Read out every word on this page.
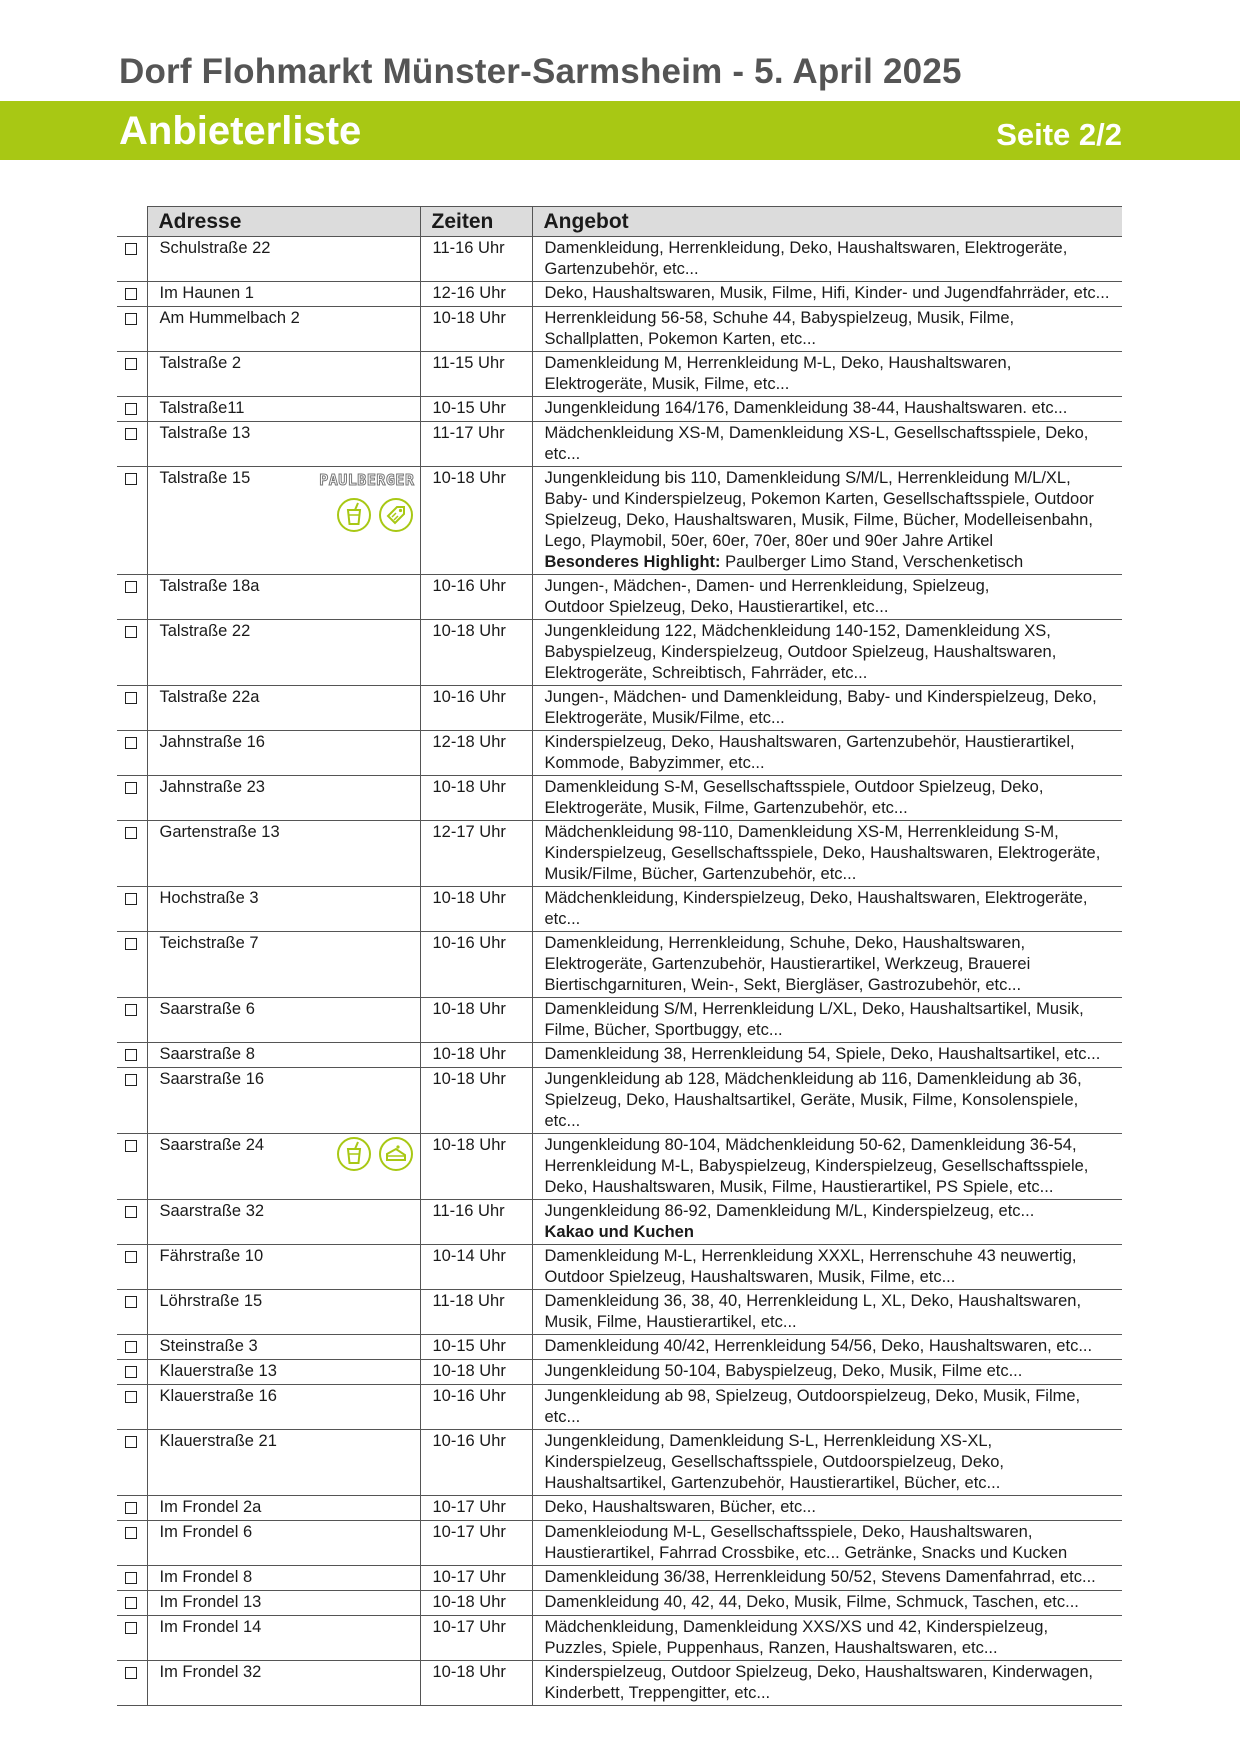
Dorf Flohmarkt Münster-Sarmsheim - 5. April 2025
Anbieterliste	Seite 2/2
	Adresse	Zeiten	Angebot
	Schulstraße 22	11-16 Uhr	Damenkleidung, Herrenkleidung, Deko, Haushaltswaren, Elektrogeräte,
Gartenzubehör, etc...

	Im Haunen 1	12-16 Uhr	Deko, Haushaltswaren, Musik, Filme, Hifi, Kinder- und Jugendfahrräder, etc...

	Am Hummelbach 2	10-18 Uhr	Herrenkleidung 56-58, Schuhe 44, Babyspielzeug, Musik, Filme,
Schallplatten, Pokemon Karten, etc...

	Talstraße 2	11-15 Uhr	Damenkleidung M, Herrenkleidung M-L, Deko, Haushaltswaren,
Elektrogeräte, Musik, Filme, etc...

	Talstraße11	10-15 Uhr	Jungenkleidung 164/176, Damenkleidung 38-44, Haushaltswaren. etc...

	Talstraße 13	11-17 Uhr	Mädchenkleidung XS-M, Damenkleidung XS-L, Gesellschaftsspiele, Deko, etc...

	Talstraße 15 PAULBERGER	10-18 Uhr	Jungenkleidung bis 110, Damenkleidung S/M/L, Herrenkleidung M/L/XL,
Baby- und Kinderspielzeug, Pokemon Karten, Gesellschaftsspiele, Outdoor
Spielzeug, Deko, Haushaltswaren, Musik, Filme, Bücher, Modelleisenbahn,
Lego, Playmobil, 50er, 60er, 70er, 80er und 90er Jahre Artikel
Besonderes Highlight: Paulberger Limo Stand, Verschenketisch

	Talstraße 18a	10-16 Uhr	Jungen-, Mädchen-, Damen- und Herrenkleidung, Spielzeug,
Outdoor Spielzeug, Deko, Haustierartikel, etc...

	Talstraße 22	10-18 Uhr	Jungenkleidung 122, Mädchenkleidung 140-152, Damenkleidung XS,
Babyspielzeug, Kinderspielzeug, Outdoor Spielzeug, Haushaltswaren,
Elektrogeräte, Schreibtisch, Fahrräder, etc...

	Talstraße 22a	10-16 Uhr	Jungen-, Mädchen- und Damenkleidung, Baby- und Kinderspielzeug, Deko,
Elektrogeräte, Musik/Filme, etc...

	Jahnstraße 16	12-18 Uhr	Kinderspielzeug, Deko, Haushaltswaren, Gartenzubehör, Haustierartikel,
Kommode, Babyzimmer, etc...

	Jahnstraße 23	10-18 Uhr	Damenkleidung S-M, Gesellschaftsspiele, Outdoor Spielzeug, Deko,
Elektrogeräte, Musik, Filme, Gartenzubehör, etc...

	Gartenstraße 13	12-17 Uhr	Mädchenkleidung 98-110, Damenkleidung XS-M, Herrenkleidung S-M,
Kinderspielzeug, Gesellschaftsspiele, Deko, Haushaltswaren, Elektrogeräte,
Musik/Filme, Bücher, Gartenzubehör, etc...

	Hochstraße 3	10-18 Uhr	Mädchenkleidung, Kinderspielzeug, Deko, Haushaltswaren, Elektrogeräte, etc...

	Teichstraße 7	10-16 Uhr	Damenkleidung, Herrenkleidung, Schuhe, Deko, Haushaltswaren,
Elektrogeräte, Gartenzubehör, Haustierartikel, Werkzeug, Brauerei
Biertischgarnituren, Wein-, Sekt, Biergläser, Gastrozubehör, etc...

	Saarstraße 6	10-18 Uhr	Damenkleidung S/M, Herrenkleidung L/XL, Deko, Haushaltsartikel, Musik,
Filme, Bücher, Sportbuggy, etc...

	Saarstraße 8	10-18 Uhr	Damenkleidung 38, Herrenkleidung 54, Spiele, Deko, Haushaltsartikel, etc...

	Saarstraße 16	10-18 Uhr	Jungenkleidung ab 128, Mädchenkleidung ab 116, Damenkleidung ab 36,
Spielzeug, Deko, Haushaltsartikel, Geräte, Musik, Filme, Konsolenspiele, etc...

	Saarstraße 24	10-18 Uhr	Jungenkleidung 80-104, Mädchenkleidung 50-62, Damenkleidung 36-54,
Herrenkleidung M-L, Babyspielzeug, Kinderspielzeug, Gesellschaftsspiele,
Deko, Haushaltswaren, Musik, Filme, Haustierartikel, PS Spiele, etc...

	Saarstraße 32	11-16 Uhr	Jungenkleidung 86-92, Damenkleidung M/L, Kinderspielzeug, etc...
Kakao und Kuchen

	Fährstraße 10	10-14 Uhr	Damenkleidung M-L, Herrenkleidung XXXL, Herrenschuhe 43 neuwertig,
Outdoor Spielzeug, Haushaltswaren, Musik, Filme, etc...

	Löhrstraße 15	11-18 Uhr	Damenkleidung 36, 38, 40, Herrenkleidung L, XL, Deko, Haushaltswaren,
Musik, Filme, Haustierartikel, etc...

	Steinstraße 3	10-15 Uhr	Damenkleidung 40/42, Herrenkleidung 54/56, Deko, Haushaltswaren, etc...

	Klauerstraße 13	10-18 Uhr	Jungenkleidung 50-104, Babyspielzeug, Deko, Musik, Filme etc...

	Klauerstraße 16	10-16 Uhr	Jungenkleidung ab 98, Spielzeug, Outdoorspielzeug, Deko, Musik, Filme, etc...

	Klauerstraße 21	10-16 Uhr	Jungenkleidung, Damenkleidung S-L, Herrenkleidung XS-XL,
Kinderspielzeug, Gesellschaftsspiele, Outdoorspielzeug, Deko,
Haushaltsartikel, Gartenzubehör, Haustierartikel, Bücher, etc...

	Im Frondel 2a	10-17 Uhr	Deko, Haushaltswaren, Bücher, etc...

	Im Frondel 6	10-17 Uhr	Damenkleiodung M-L, Gesellschaftsspiele, Deko, Haushaltswaren,
Haustierartikel, Fahrrad Crossbike, etc... Getränke, Snacks und Kucken

	Im Frondel 8	10-17 Uhr	Damenkleidung 36/38, Herrenkleidung 50/52, Stevens Damenfahrrad, etc...

	Im Frondel 13	10-18 Uhr	Damenkleidung 40, 42, 44, Deko, Musik, Filme, Schmuck, Taschen, etc...

	Im Frondel 14	10-17 Uhr	Mädchenkleidung, Damenkleidung XXS/XS und 42, Kinderspielzeug,
Puzzles, Spiele, Puppenhaus, Ranzen, Haushaltswaren, etc...

	Im Frondel 32	10-18 Uhr	Kinderspielzeug, Outdoor Spielzeug, Deko, Haushaltswaren, Kinderwagen,
Kinderbett, Treppengitter, etc...
